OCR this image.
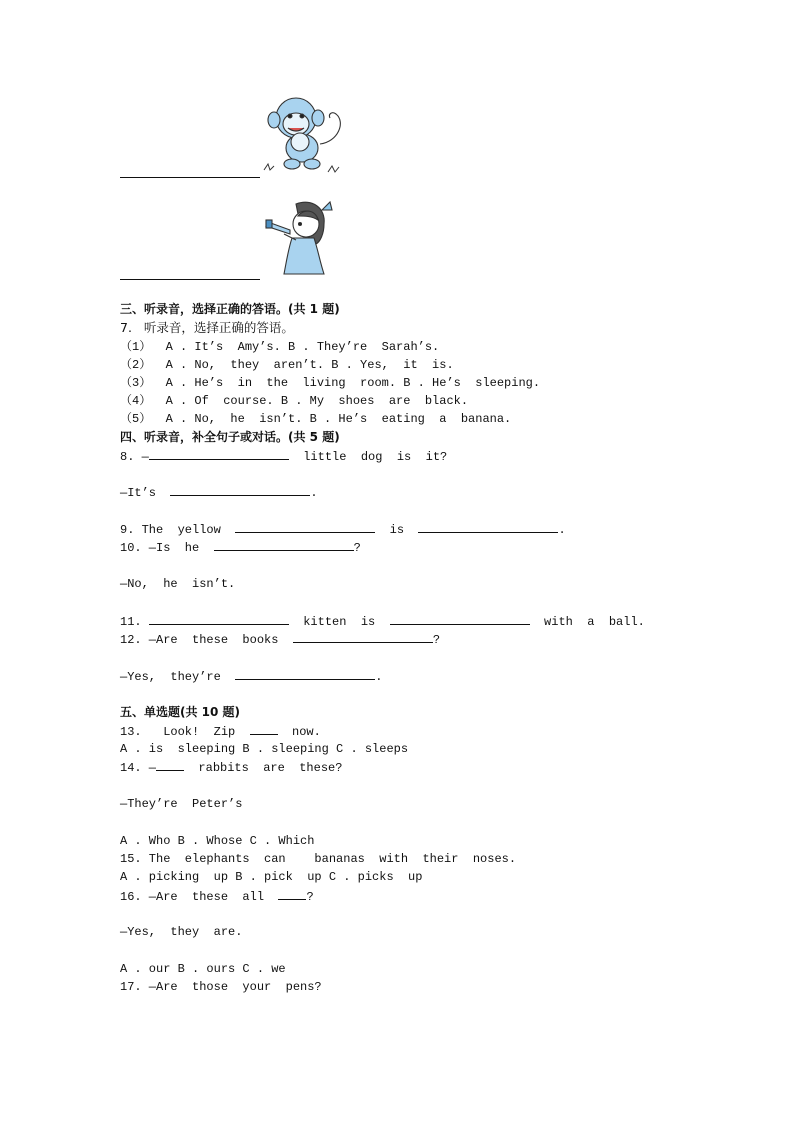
三、听录音，选择正确的答语。(共 1 题)
7.   听录音，选择正确的答语。
（1）  A . It’s  Amy’s. B . They’re  Sarah’s.
（2）  A . No,  they  aren’t. B . Yes,  it  is.
（3）  A . He’s  in  the  living  room. B . He’s  sleeping.
（4）  A . Of  course. B . My  shoes  are  black.
（5）  A . No,  he  isn’t. B . He’s  eating  a  banana.
四、听录音，补全句子或对话。(共 5 题)
8. —	little  dog  is  it?
—It’s	.
9. The  yellow	is	.
10. —Is  he	?
—No,  he  isn’t.
11.	kitten  is	with  a  ball.
12. —Are  these  books	?
—Yes,  they’re	.
五、单选题(共 10 题)
13.   Look!  Zip    now.
A . is  sleeping B . sleeping C . sleeps
14. —  rabbits  are  these?
—They’re  Peter’s
A . Who B . Whose C . Which
15. The  elephants  can    bananas  with  their  noses.
A . picking  up B . pick  up C . picks  up
16. —Are  these  all  ?
—Yes,  they  are.
A . our B . ours C . we
17. —Are  those  your  pens?
